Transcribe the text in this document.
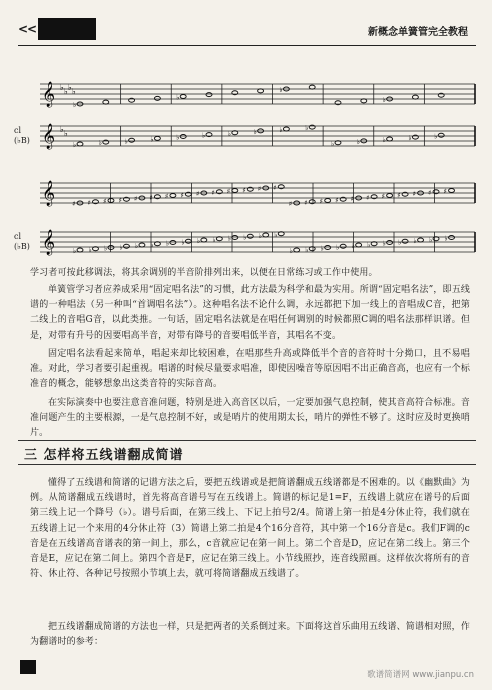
<<	新概念单簧管完全教程
𝄞	♭
♭
♭
♭
𝄞	♭	♭	♭	♭	♭	♭	♭	♭	♭	♭
♭	♭	♭	♭	♭
𝄞 ♯ ♯ ♯ ♯ ♯ ♯ ♯ ♯ ♯ ♯ ♯ ♯ ♯ ♯
♯ ♯ ♯ ♯ ♯ ♯ ♯ ♯ ♯ ♯ ♯
𝄞	♭ ♭ ♭ ♭ ♭ ♭ ♭ ♭ ♭ ♭ ♭ ♭ ♭ ♭
♭ ♭ ♭ ♭ ♭ ♭ ♭ ♭ ♭ ♭ ♭
♭ ♭ ♭ ♭
♭ ♭
cl
(♭B)
cl
(♭B)

学习者可按此移调法，将其余调别的半音阶排列出来，以便在日常练习或工作中使用。

单簧管学习者应养成采用“固定唱名法”的习惯，此方法最为科学和最为实用。所谓“固定唱名法”，即五线谱的一种唱法（另一种叫“首调唱名法”）。这种唱名法不论什么调，永远都把下加一线上的音唱成C音，把第二线上的音唱G音，以此类推。一句话，固定唱名法就是在唱任何调别的时候都照C调的唱名法那样识谱。但是，对带有升号的因要唱高半音，对带有降号的音要唱低半音，其唱名不变。

固定唱名法看起来简单，唱起来却比较困难，在唱那些升高或降低半个音的音符时十分拗口，且不易唱准。对此，学习者要引起重视。唱谱的时候尽量要求唱准，即使因噪音等原因唱不出正确音高，也应有一个标准音的概念，能够想象出这类音符的实际音高。

在实际演奏中也要注意音准问题，特别是进入高音区以后，一定要加强气息控制，使其音高符合标准。音准问题产生的主要根源，一是气息控制不好，或是哨片的使用期太长，哨片的弹性不够了。这时应及时更换哨片。

三 怎样将五线谱翻成简谱

懂得了五线谱和简谱的记谱方法之后，要把五线谱或是把简谱翻成五线谱都是不困难的。以《幽默曲》为例。从简谱翻成五线谱时，首先将高音谱号写在五线谱上。简谱的标记是1=F，五线谱上就应在谱号的后面第三线上记一个降号（♭）。谱号后面，在第三线上、下记上拍号2/4。简谱上第一拍是4分休止符，我们就在五线谱上记一个来用的4分休止符（3）简谱上第二拍是4个16分音符，其中第一个16分音是c。我们F调的c音是在五线谱高音谱表的第一间上，那么，c音就应记在第一间上。第二个音是D，应记在第二线上。第三个音是E，应记在第二间上。第四个音是F，应记在第三线上。小节线照抄，连音线照画。这样依次将所有的音符、休止符、各种记号按照小节填上去，就可将简谱翻成五线谱了。

把五线谱翻成简谱的方法也一样，只是把两者的关系倒过来。下面将这首乐曲用五线谱、简谱相对照，作为翻谱时的参考：

歌谱简谱网 www.jianpu.cn
